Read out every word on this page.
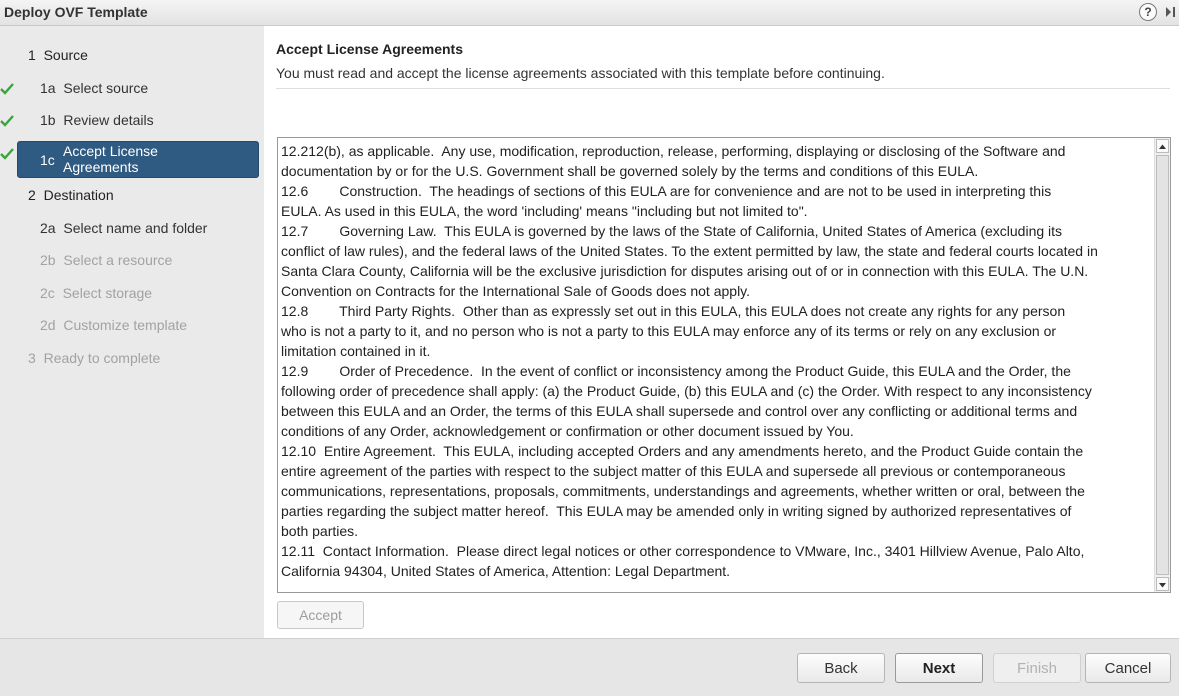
Deploy OVF Template	?
1 Source
1a Select source
1b Review details
1c
Accept License Agreements
2 Destination
2a Select name and folder
2b Select a resource
2c Select storage
2d Customize template
3 Ready to complete
Accept License Agreements
You must read and accept the license agreements associated with this template before continuing.
12.212(b), as applicable.  Any use, modification, reproduction, release, performing, displaying or disclosing of the Software and
documentation by or for the U.S. Government shall be governed solely by the terms and conditions of this EULA.
12.6        Construction.  The headings of sections of this EULA are for convenience and are not to be used in interpreting this
EULA. As used in this EULA, the word 'including' means "including but not limited to".
12.7        Governing Law.  This EULA is governed by the laws of the State of California, United States of America (excluding its
conflict of law rules), and the federal laws of the United States. To the extent permitted by law, the state and federal courts located in
Santa Clara County, California will be the exclusive jurisdiction for disputes arising out of or in connection with this EULA. The U.N.
Convention on Contracts for the International Sale of Goods does not apply.
12.8        Third Party Rights.  Other than as expressly set out in this EULA, this EULA does not create any rights for any person
who is not a party to it, and no person who is not a party to this EULA may enforce any of its terms or rely on any exclusion or
limitation contained in it.
12.9        Order of Precedence.  In the event of conflict or inconsistency among the Product Guide, this EULA and the Order, the
following order of precedence shall apply: (a) the Product Guide, (b) this EULA and (c) the Order. With respect to any inconsistency
between this EULA and an Order, the terms of this EULA shall supersede and control over any conflicting or additional terms and
conditions of any Order, acknowledgement or confirmation or other document issued by You.
12.10  Entire Agreement.  This EULA, including accepted Orders and any amendments hereto, and the Product Guide contain the
entire agreement of the parties with respect to the subject matter of this EULA and supersede all previous or contemporaneous
communications, representations, proposals, commitments, understandings and agreements, whether written or oral, between the
parties regarding the subject matter hereof.  This EULA may be amended only in writing signed by authorized representatives of
both parties.
12.11  Contact Information.  Please direct legal notices or other correspondence to VMware, Inc., 3401 Hillview Avenue, Palo Alto,
California 94304, United States of America, Attention: Legal Department.
Accept
Back	Next	Finish	Cancel
